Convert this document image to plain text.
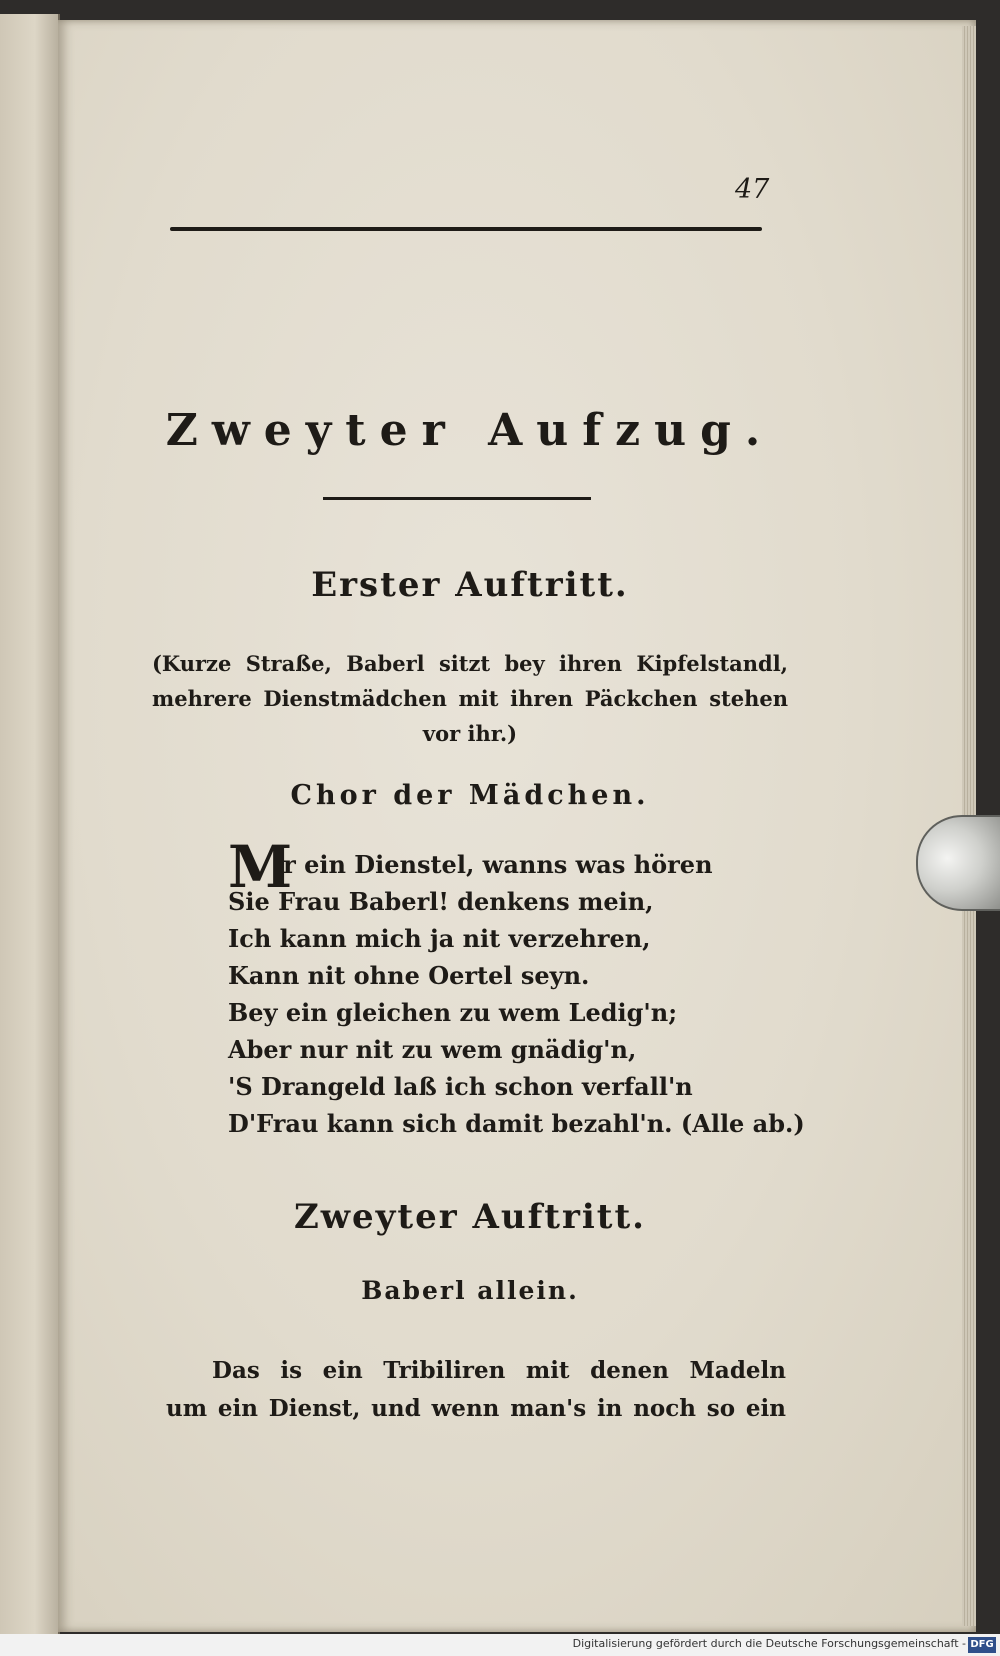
47
Zweyter Aufzug.
Erster Auftritt.
(Kurze Straße, Baberl sitzt bey ihren Kipfelstandl,
mehrere Dienstmädchen mit ihren Päckchen stehen
vor ihr.)
Chor der Mädchen.
M
ir ein Dienstel, wanns was hören
Sie Frau Baberl! denkens mein,
Ich kann mich ja nit verzehren,
Kann nit ohne Oertel seyn.
Bey ein gleichen zu wem Ledig'n;
Aber nur nit zu wem gnädig'n,
'S Drangeld laß ich schon verfall'n
D'Frau kann sich damit bezahl'n. (Alle ab.)
Zweyter Auftritt.
Baberl allein.
Das is ein Tribiliren mit denen Madeln
um ein Dienst, und wenn man's in noch so ein
Digitalisierung gefördert durch die Deutsche Forschungsgemeinschaft - DFG
